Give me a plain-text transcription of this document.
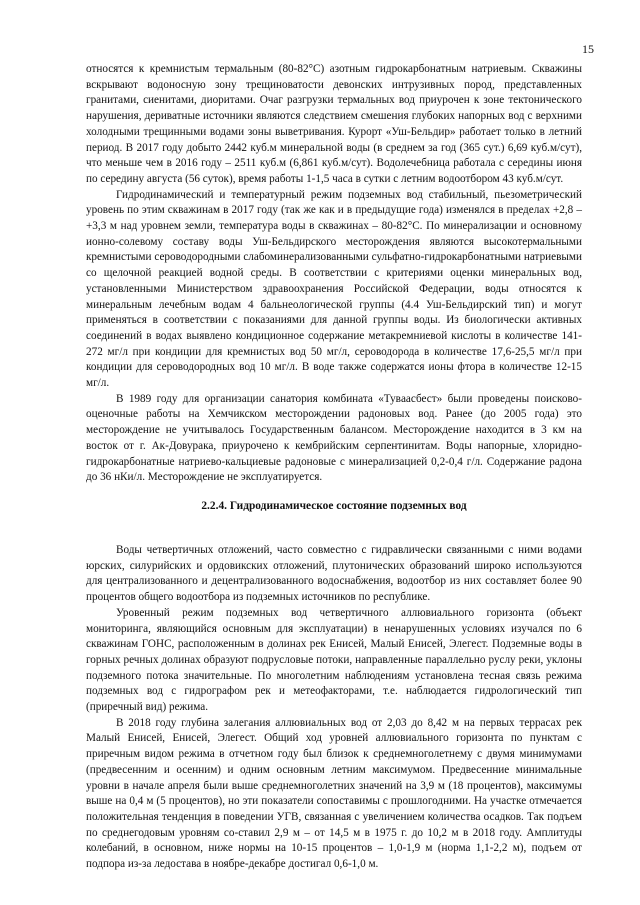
15

относятся к кремнистым термальным (80-82°C) азотным гидрокарбонатным натриевым. Скважины вскрывают водоносную зону трещиноватости девонских интрузивных пород, представленных гранитами, сиенитами, диоритами. Очаг разгрузки термальных вод приурочен к зоне тектонического нарушения, дериватные источники являются следствием смешения глубоких напорных вод с верхними холодными трещинными водами зоны выветривания. Курорт «Уш-Бельдир» работает только в летний период. В 2017 году добыто 2442 куб.м минеральной воды (в среднем за год (365 сут.) 6,69 куб.м/сут), что меньше чем в 2016 году – 2511 куб.м (6,861 куб.м/сут). Водолечебница работала с середины июня по середину августа (56 суток), время работы 1-1,5 часа в сутки с летним водоотбором 43 куб.м/сут.

Гидродинамический и температурный режим подземных вод стабильный, пьезометрический уровень по этим скважинам в 2017 году (так же как и в предыдущие года) изменялся в пределах +2,8 – +3,3 м над уровнем земли, температура воды в скважинах – 80-82°C. По минерализации и основному ионно-солевому составу воды Уш-Бельдирского месторождения являются высокотермальными кремнистыми сероводородными слабоминерализованными сульфатно-гидрокарбонатными натриевыми со щелочной реакцией водной среды. В соответствии с критериями оценки минеральных вод, установленными Министерством здравоохранения Российской Федерации, воды относятся к минеральным лечебным водам 4 бальнеологической группы (4.4 Уш-Бельдирский тип) и могут применяться в соответствии с показаниями для данной группы воды. Из биологически активных соединений в водах выявлено кондиционное содержание метакремниевой кислоты в количестве 141-272 мг/л при кондиции для кремнистых вод 50 мг/л, сероводорода в количестве 17,6-25,5 мг/л при кондиции для сероводородных вод 10 мг/л. В воде также содержатся ионы фтора в количестве 12-15 мг/л.

В 1989 году для организации санатория комбината «Тувaaсбест» были проведены поисково-оценочные работы на Хемчикском месторождении радоновых вод. Ранее (до 2005 года) это месторождение не учитывалось Государственным балансом. Месторождение находится в 3 км на восток от г. Ак-Довурака, приурочено к кембрийским серпентинитам. Воды напорные, хлоридно-гидрокарбонатные натриево-кальциевые радоновые с минерализацией 0,2-0,4 г/л. Содержание радона до 36 нКи/л. Месторождение не эксплуатируется.

2.2.4. Гидродинамическое состояние подземных вод

Воды четвертичных отложений, часто совместно с гидравлически связанными с ними водами юрских, силурийских и ордовикских отложений, плутонических образований широко используются для централизованного и децентрализованного водоснабжения, водоотбор из них составляет более 90 процентов общего водоотбора из подземных источников по республике.

Уровенный режим подземных вод четвертичного аллювиального горизонта (объект мониторинга, являющийся основным для эксплуатации) в ненарушенных условиях изучался по 6 скважинам ГОНС, расположенным в долинах рек Енисей, Малый Енисей, Элегест. Подземные воды в горных речных долинах образуют подрусловые потоки, направленные параллельно руслу реки, уклоны подземного потока значительные. По многолетним наблюдениям установлена тесная связь режима подземных вод с гидрографом рек и метеофакторами, т.е. наблюдается гидрологический тип (приречный вид) режима.

В 2018 году глубина залегания аллювиальных вод от 2,03 до 8,42 м на первых террасах рек Малый Енисей, Енисей, Элегест. Общий ход уровней аллювиального горизонта по пунктам с приречным видом режима в отчетном году был близок к среднемноголетнему с двумя минимумами (предвесенним и осенним) и одним основным летним максимумом. Предвесенние минимальные уровни в начале апреля были выше среднемноголетних значений на 3,9 м (18 процентов), максимумы выше на 0,4 м (5 процентов), но эти показатели сопоставимы с прошлогодними. На участке отмечается положительная тенденция в поведении УГВ, связанная с увеличением количества осадков. Так подъем по среднегодовым уровням со-ставил 2,9 м – от 14,5 м в 1975 г. до 10,2 м в 2018 году. Амплитуды колебаний, в основном, ниже нормы на 10-15 процентов – 1,0-1,9 м (норма 1,1-2,2 м), подъем от подпора из-за ледостава в ноябре-декабре достигал 0,6-1,0 м.
